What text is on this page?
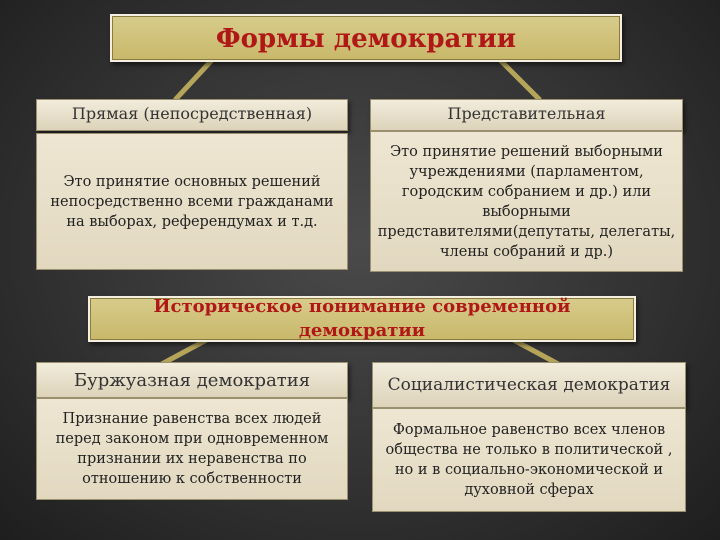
Формы демократии
Прямая (непосредственная)
Это принятие основных решений непосредственно всеми гражданами на выборах, референдумах и т.д.
Представительная
Это принятие решений выборными учреждениями (парламентом, городским собранием и др.) или выборными представителями(депутаты, делегаты, члены собраний и др.)
Историческое понимание современной демократии
Буржуазная демократия
Признание равенства всех людей перед законом при одновременном признании их неравенства по отношению к собственности
Социалистическая демократия
Формальное равенство всех членов общества не только в политической , но и в социально-экономической и духовной сферах
